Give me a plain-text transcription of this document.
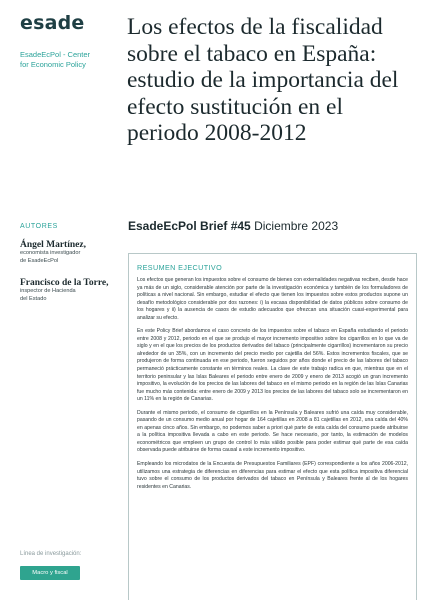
esade
EsadeEcPol - Center
for Economic Policy
AUTORES
Ángel Martínez,
economista investigador
de EsadeEcPol
Francisco de la Torre,
inspector de Hacienda
del Estado
Línea de investigación:
Macro y fiscal
Los efectos de la fiscalidad sobre el tabaco en España: estudio de la importancia del efecto sustitución en el periodo 2008-2012
EsadeEcPol Brief #45 Diciembre 2023
RESUMEN EJECUTIVO

Los efectos que generan los impuestos sobre el consumo de bienes con externalidades negativas reciben, desde hace ya más de un siglo, considerable atención por parte de la investigación económica y también de los formuladores de políticas a nivel nacional. Sin embargo, estudiar el efecto que tienen los impuestos sobre estos productos supone un desafío metodológico considerable por dos razones: i) la escasa disponibilidad de datos públicos sobre consumo de los hogares y ii) la ausencia de casos de estudio adecuados que ofrezcan una situación cuasi-experimental para analizar su efecto.

En este Policy Brief abordamos el caso concreto de los impuestos sobre el tabaco en España estudiando el periodo entre 2008 y 2012, periodo en el que se produjo el mayor incremento impositivo sobre los cigarrillos en lo que va de siglo y en el que los precios de los productos derivados del tabaco (principalmente cigarrillos) incrementaron su precio alrededor de un 35%, con un incremento del precio medio por cajetilla del 56%. Estos incrementos fiscales, que se produjeron de forma continuada en ese periodo, fueron seguidos por años donde el precio de las labores del tabaco permaneció prácticamente constante en términos reales. La clave de este trabajo radica en que, mientras que en el territorio peninsular y las Islas Baleares el periodo entre enero de 2009 y enero de 2013 acogió un gran incremento impositivo, la evolución de los precios de las labores del tabaco en el mismo periodo en la región de las Islas Canarias fue mucho más contenida: entre enero de 2009 y 2013 los precios de las labores del tabaco solo se incrementaron en un 11% en la región de Canarias.

Durante el mismo periodo, el consumo de cigarrillos en la Península y Baleares sufrió una caída muy considerable, pasando de un consumo medio anual por hogar de 164 cajetillas en 2008 a 81 cajetillas en 2012, una caída del 40% en apenas cinco años. Sin embargo, no podemos saber a priori qué parte de esta caída del consumo puede atribuirse a la política impositiva llevada a cabo en este periodo. Se hace necesario, por tanto, la estimación de modelos econométricos que empleen un grupo de control lo más válido posible para poder estimar qué parte de esa caída observada puede atribuirse de forma causal a este incremento impositivo.

Empleando los microdatos de la Encuesta de Presupuestos Familiares (EPF) correspondiente a los años 2006-2012, utilizamos una estrategia de diferencias en diferencias para estimar el efecto que esta política impositiva diferencial tuvo sobre el consumo de los productos derivados del tabaco en Península y Baleares frente al de los hogares residentes en Canarias.
